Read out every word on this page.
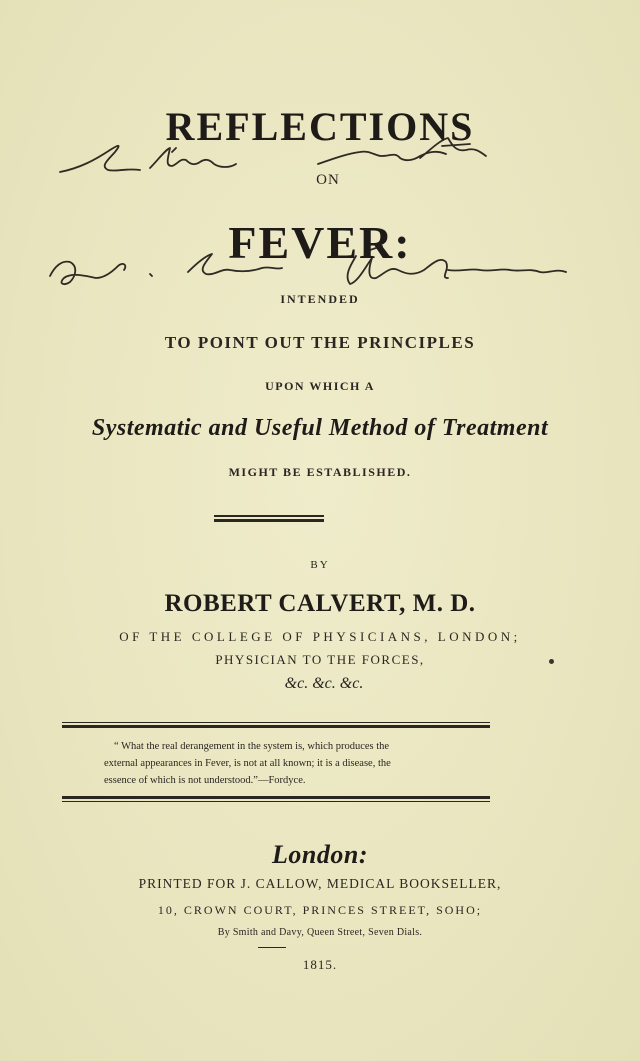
REFLECTIONS
ON
FEVER:
INTENDED
TO POINT OUT THE PRINCIPLES
UPON WHICH A
Systematic and Useful Method of Treatment
MIGHT BE ESTABLISHED.
BY
ROBERT CALVERT, M. D.
OF THE COLLEGE OF PHYSICIANS, LONDON;
PHYSICIAN TO THE FORCES,
&c. &c. &c.
“ What the real derangement in the system is, which produces the
external appearances in Fever, is not at all known; it is a disease, the
essence of which is not understood.”—Fordyce.
London:
PRINTED FOR J. CALLOW, MEDICAL BOOKSELLER,
10, CROWN COURT, PRINCES STREET, SOHO;
By Smith and Davy, Queen Street, Seven Dials.
1815.
